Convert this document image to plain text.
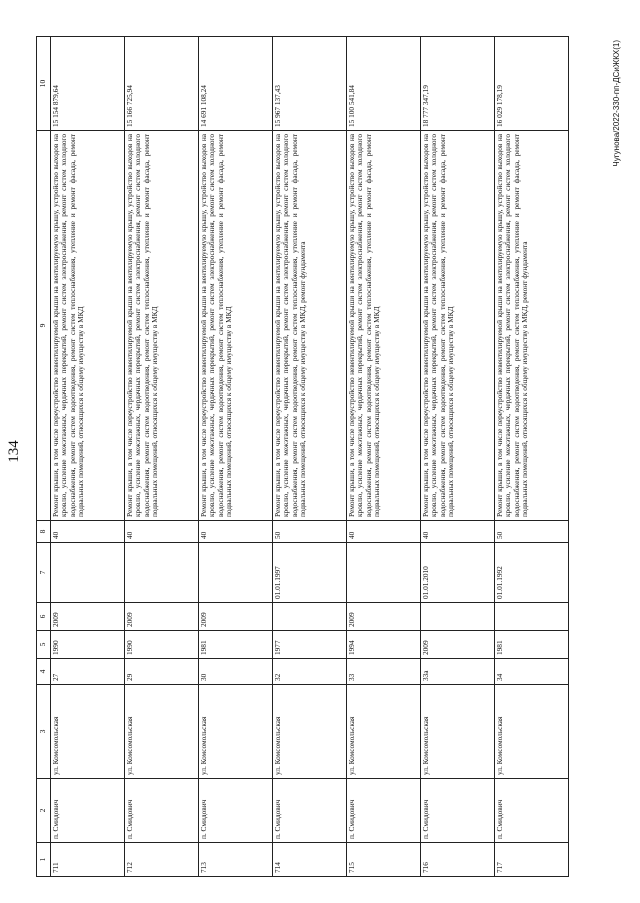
134
1	2	3	4	5	6	7	8	9	10
711	п. Смидович	ул. Комсомольская	27	1990	2009		40	Ремонт крыши, в том числе переустройство невентилируемой крыши на вентилируемую крышу, устройство выходов на кровлю, усиление межэтажных, чердачных перекрытий, ремонт систем электроснабжения, ремонт систем холодного водоснабжения, ремонт систем водоотведения, ремонт систем теплоснабжения, утепление и ремонт фасада, ремонт подвальных помещений, относящихся к общему имуществу в МКД	15 154 879,64
712	п. Смидович	ул. Комсомольская	29	1990	2009		40	Ремонт крыши, в том числе переустройство невентилируемой крыши на вентилируемую крышу, устройство выходов на кровлю, усиление межэтажных, чердачных перекрытий, ремонт систем электроснабжения, ремонт систем холодного водоснабжения, ремонт систем водоотведения, ремонт систем теплоснабжения, утепление и ремонт фасада, ремонт подвальных помещений, относящихся к общему имуществу в МКД	15 166 725,94
713	п. Смидович	ул. Комсомольская	30	1981	2009		40	Ремонт крыши, в том числе переустройство невентилируемой крыши на вентилируемую крышу, устройство выходов на кровлю, усиление межэтажных, чердачных перекрытий, ремонт систем электроснабжения, ремонт систем холодного водоснабжения, ремонт систем водоотведения, ремонт систем теплоснабжения, утепление и ремонт фасада, ремонт подвальных помещений, относящихся к общему имуществу в МКД	14 691 108,24
714	п. Смидович	ул. Комсомольская	32	1977		01.01.1997	50	Ремонт крыши, в том числе переустройство невентилируемой крыши на вентилируемую крышу, устройство выходов на кровлю, усиление межэтажных, чердачных перекрытий, ремонт систем электроснабжения, ремонт систем холодного водоснабжения, ремонт систем водоотведения, ремонт систем теплоснабжения, утепление и ремонт фасада, ремонт подвальных помещений, относящихся к общему имуществу в МКД, ремонт фундамента	15 967 137,43
715	п. Смидович	ул. Комсомольская	33	1994	2009		40	Ремонт крыши, в том числе переустройство невентилируемой крыши на вентилируемую крышу, устройство выходов на кровлю, усиление межэтажных, чердачных перекрытий, ремонт систем электроснабжения, ремонт систем холодного водоснабжения, ремонт систем водоотведения, ремонт систем теплоснабжения, утепление и ремонт фасада, ремонт подвальных помещений, относящихся к общему имуществу в МКД	15 100 541,84
716	п. Смидович	ул. Комсомольская	33а	2009		01.01.2010	40	Ремонт крыши, в том числе переустройство невентилируемой крыши на вентилируемую крышу, устройство выходов на кровлю, усиление межэтажных, чердачных перекрытий, ремонт систем электроснабжения, ремонт систем холодного водоснабжения, ремонт систем водоотведения, ремонт систем теплоснабжения, утепление и ремонт фасада, ремонт подвальных помещений, относящихся к общему имуществу в МКД	18 777 347,19
717	п. Смидович	ул. Комсомольская	34	1981		01.01.1992	50	Ремонт крыши, в том числе переустройство невентилируемой крыши на вентилируемую крышу, устройство выходов на кровлю, усиление межэтажных, чердачных перекрытий, ремонт систем электроснабжения, ремонт систем холодного водоснабжения, ремонт систем водоотведения, ремонт систем теплоснабжения, утепление и ремонт фасада, ремонт подвальных помещений, относящихся к общему имуществу в МКД, ремонт фундамента	16 029 178,19	Чугунова/2022-330-пп-ДСиЖКХ(1)
